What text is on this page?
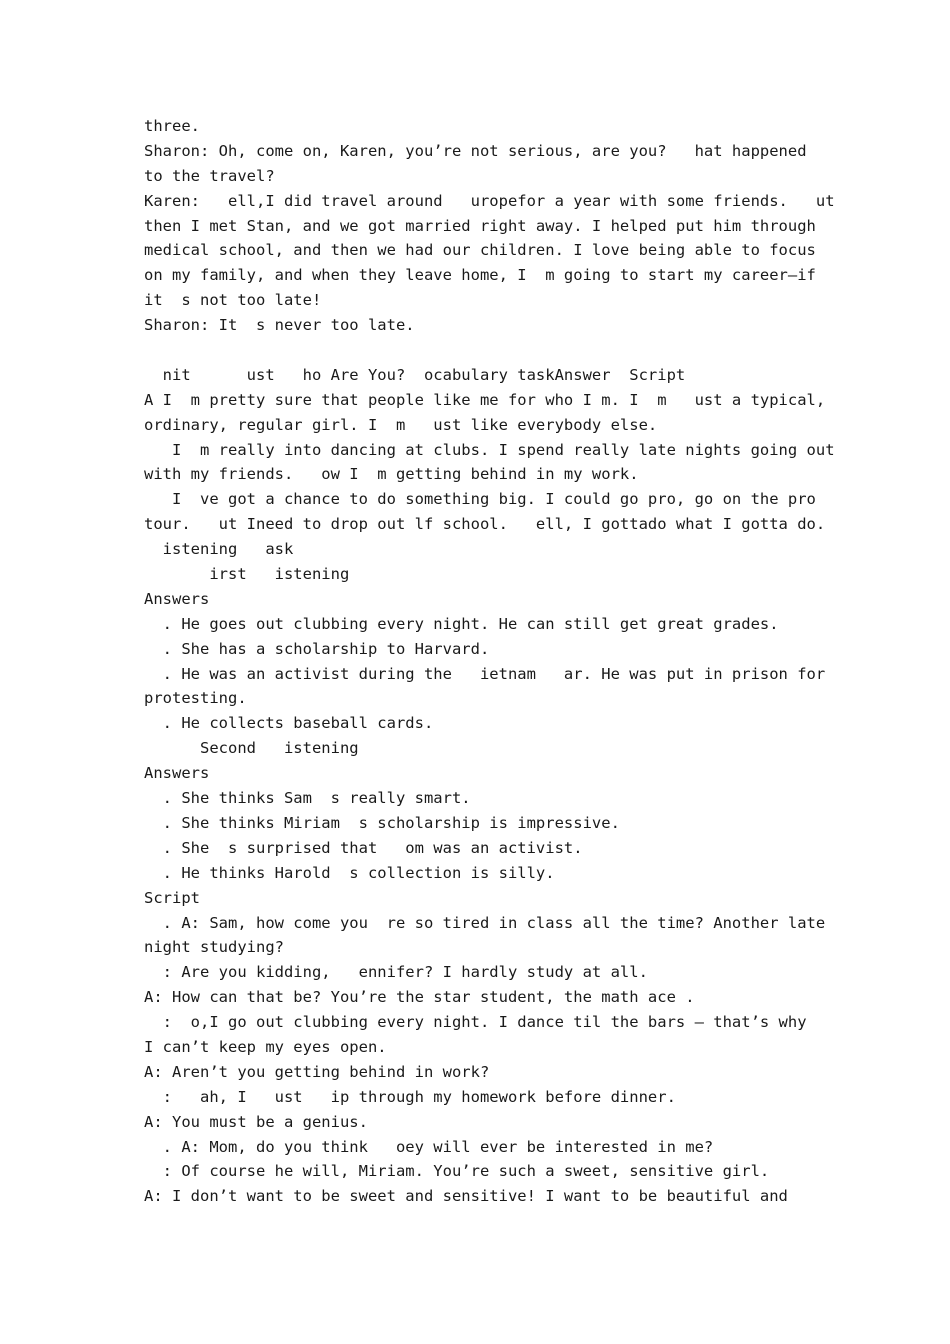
three.
Sharon: Oh, come on, Karen, you’re not serious, are you?   hat happened
to the travel?
Karen:   ell,I did travel around   uropefor a year with some friends.   ut
then I met Stan, and we got married right away. I helped put him through
medical school, and then we had our children. I love being able to focus
on my family, and when they leave home, I  m going to start my career—if
it  s not too late!
Sharon: It  s never too late.
nit      ust   ho Are You?  ocabulary taskAnswer  Script
A I  m pretty sure that people like me for who I m. I  m   ust a typical,
ordinary, regular girl. I  m   ust like everybody else.
I  m really into dancing at clubs. I spend really late nights going out
with my friends.   ow I  m getting behind in my work.
I  ve got a chance to do something big. I could go pro, go on the pro
tour.   ut Ineed to drop out lf school.   ell, I gottado what I gotta do.
istening   ask
irst   istening
Answers
. He goes out clubbing every night. He can still get great grades.
. She has a scholarship to Harvard.
. He was an activist during the   ietnam   ar. He was put in prison for
protesting.
. He collects baseball cards.
Second   istening
Answers
. She thinks Sam  s really smart.
. She thinks Miriam  s scholarship is impressive.
. She  s surprised that   om was an activist.
. He thinks Harold  s collection is silly.
Script
. A: Sam, how come you  re so tired in class all the time? Another late
night studying?
: Are you kidding,   ennifer? I hardly study at all.
A: How can that be? You’re the star student, the math ace .
:  o,I go out clubbing every night. I dance til the bars — that’s why
I can’t keep my eyes open.
A: Aren’t you getting behind in work?
:   ah, I   ust   ip through my homework before dinner.
A: You must be a genius.
. A: Mom, do you think   oey will ever be interested in me?
: Of course he will, Miriam. You’re such a sweet, sensitive girl.
A: I don’t want to be sweet and sensitive! I want to be beautiful and
